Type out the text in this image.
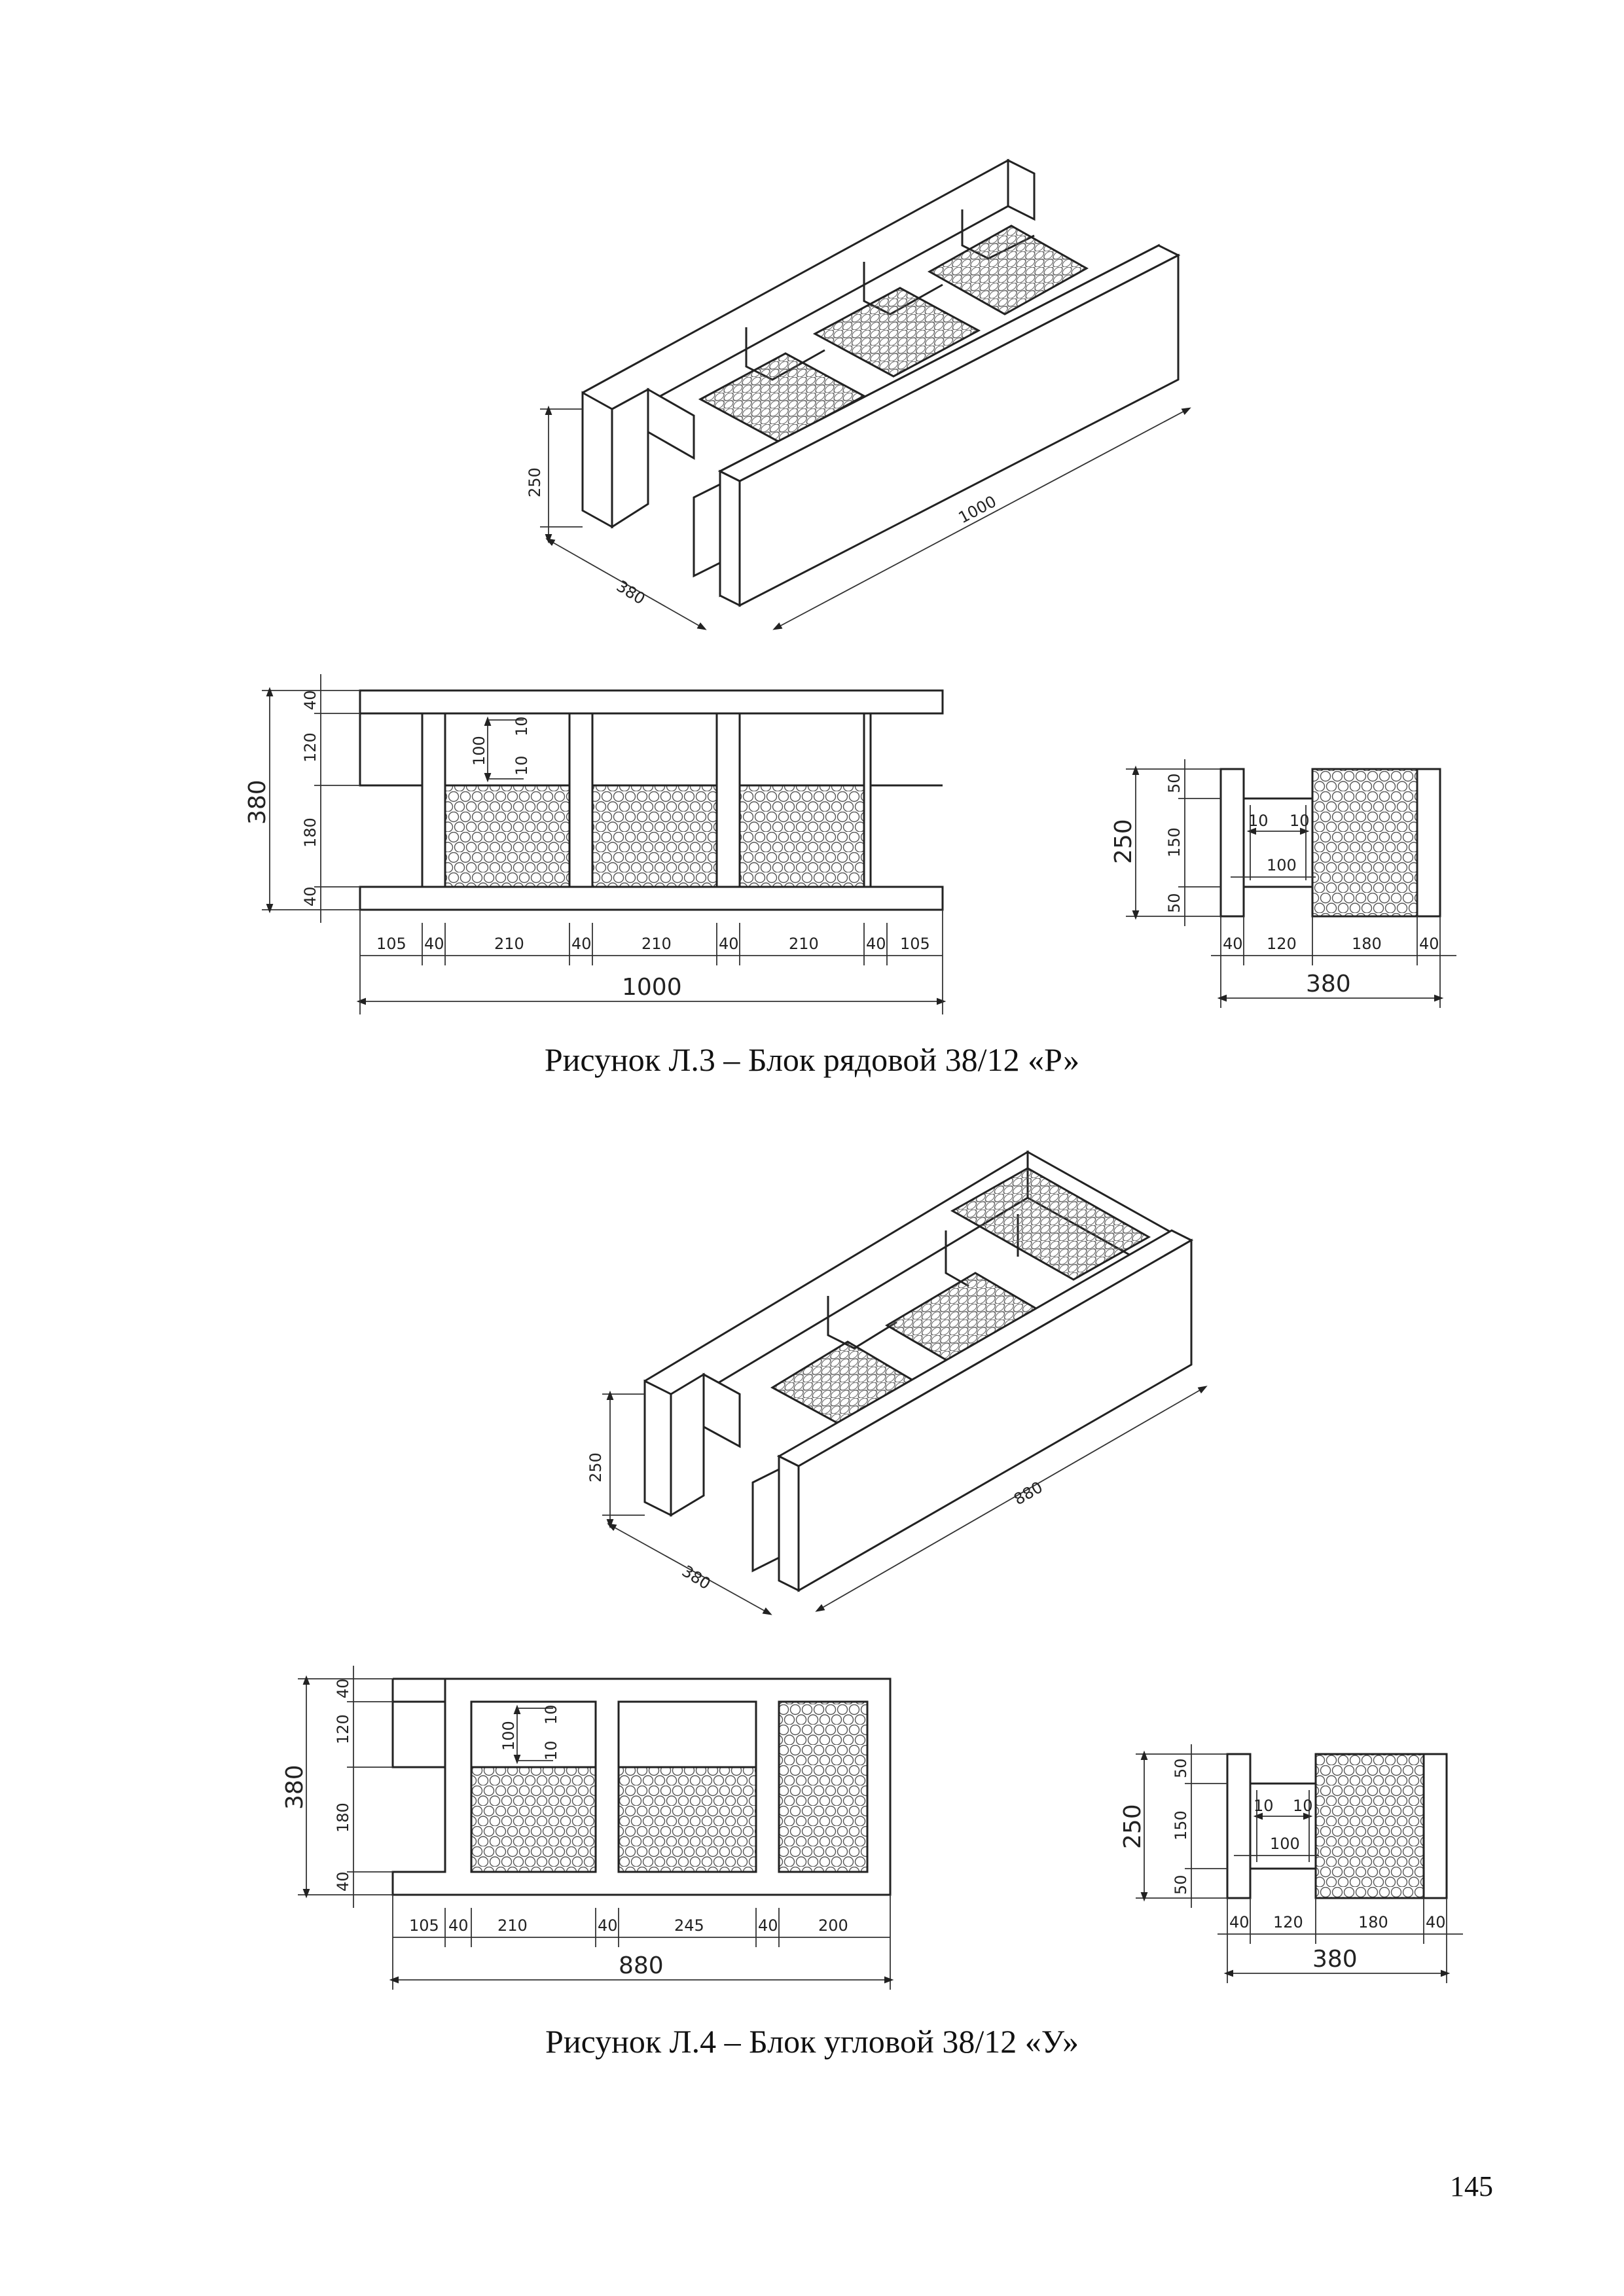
250
380
1000
100
10
10
380
40
120
180
40
105 40	210	40	210	40	210	40 105
1000
10 10
100
250
50
150
50
40 120	180 40
380
250
380
880
100
10
10
380
40
120
180
40
105 40 210	40	245	40	200
880
10 10
100
250
50
150
50
40 120	180 40
380
Рисунок Л.3 – Блок рядовой 38/12 «Р»
Рисунок Л.4 – Блок угловой 38/12 «У»
145
